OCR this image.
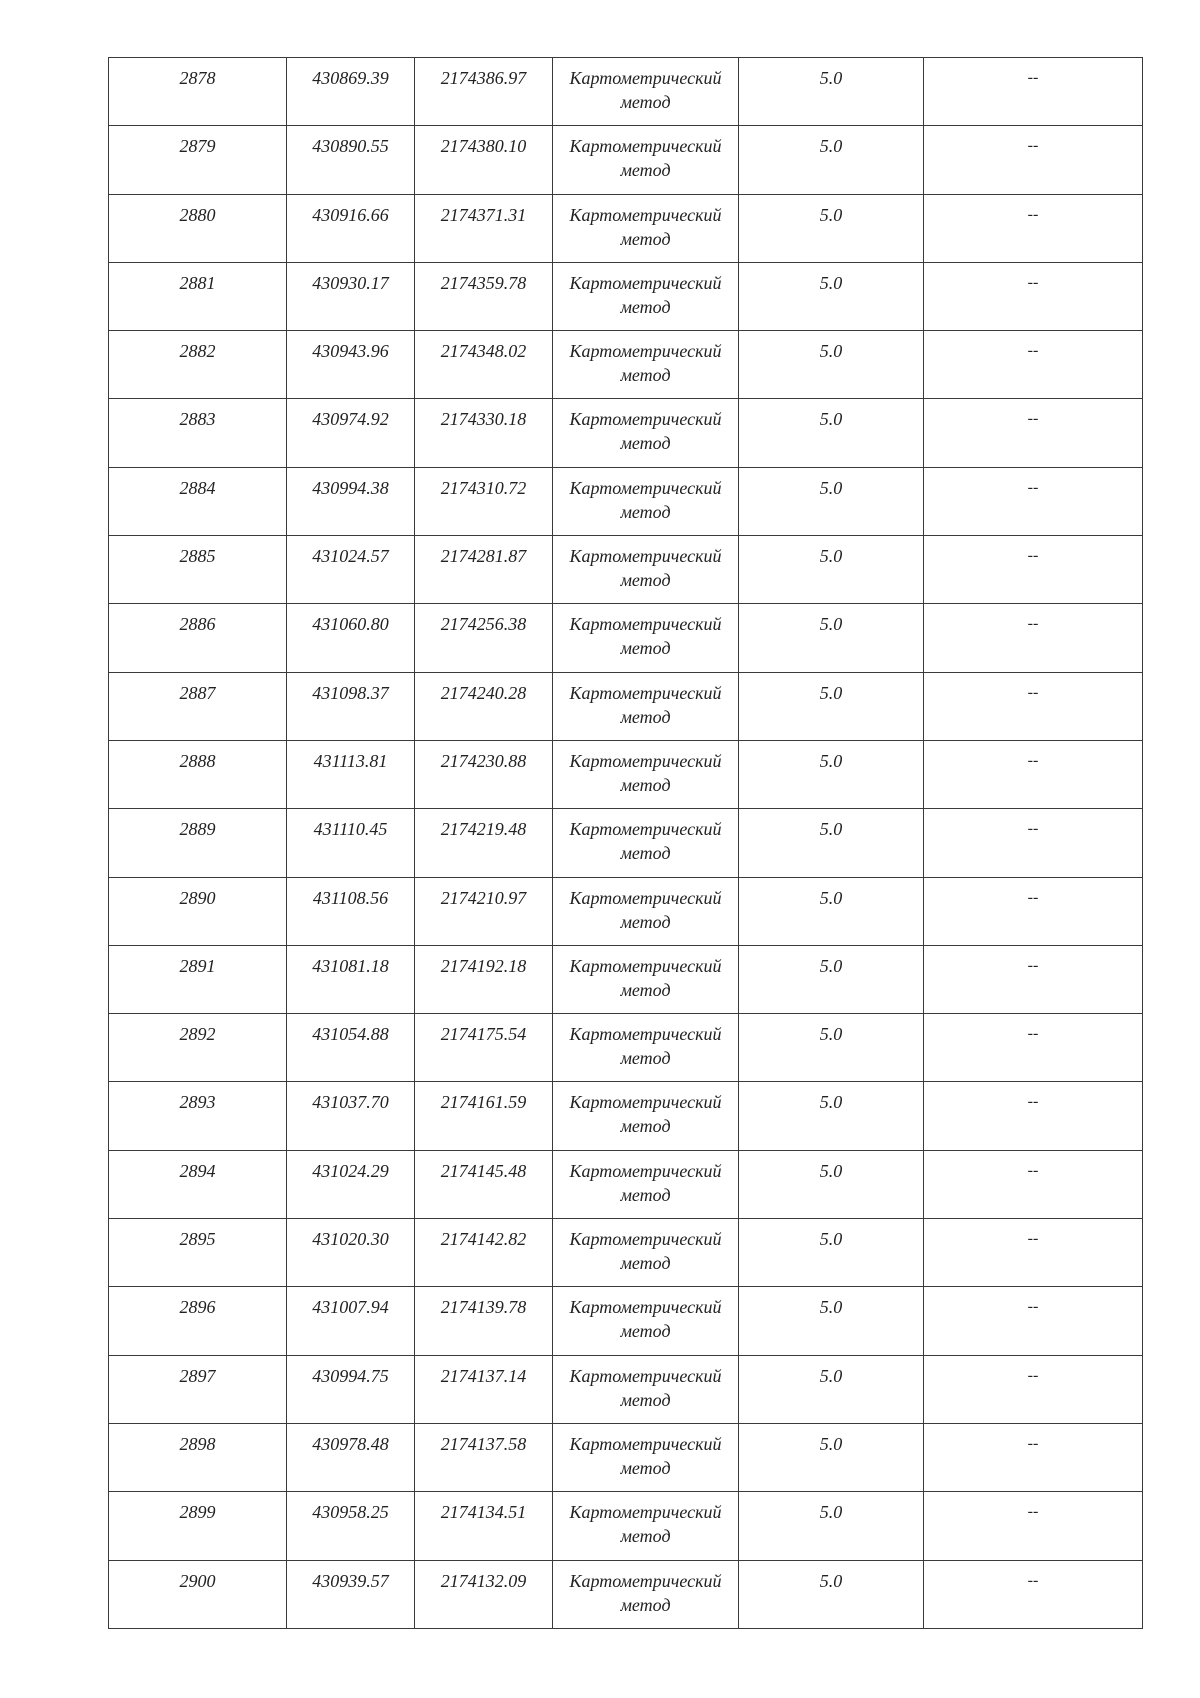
2878	430869.39	2174386.97	Картометрический
метод	5.0	--

2879	430890.55	2174380.10	Картометрический
метод	5.0	--

2880	430916.66	2174371.31	Картометрический
метод	5.0	--

2881	430930.17	2174359.78	Картометрический
метод	5.0	--

2882	430943.96	2174348.02	Картометрический
метод	5.0	--

2883	430974.92	2174330.18	Картометрический
метод	5.0	--

2884	430994.38	2174310.72	Картометрический
метод	5.0	--

2885	431024.57	2174281.87	Картометрический
метод	5.0	--

2886	431060.80	2174256.38	Картометрический
метод	5.0	--

2887	431098.37	2174240.28	Картометрический
метод	5.0	--

2888	431113.81	2174230.88	Картометрический
метод	5.0	--

2889	431110.45	2174219.48	Картометрический
метод	5.0	--

2890	431108.56	2174210.97	Картометрический
метод	5.0	--

2891	431081.18	2174192.18	Картометрический
метод	5.0	--

2892	431054.88	2174175.54	Картометрический
метод	5.0	--

2893	431037.70	2174161.59	Картометрический
метод	5.0	--

2894	431024.29	2174145.48	Картометрический
метод	5.0	--

2895	431020.30	2174142.82	Картометрический
метод	5.0	--

2896	431007.94	2174139.78	Картометрический
метод	5.0	--

2897	430994.75	2174137.14	Картометрический
метод	5.0	--

2898	430978.48	2174137.58	Картометрический
метод	5.0	--

2899	430958.25	2174134.51	Картометрический
метод	5.0	--

2900	430939.57	2174132.09	Картометрический
метод	5.0	--
